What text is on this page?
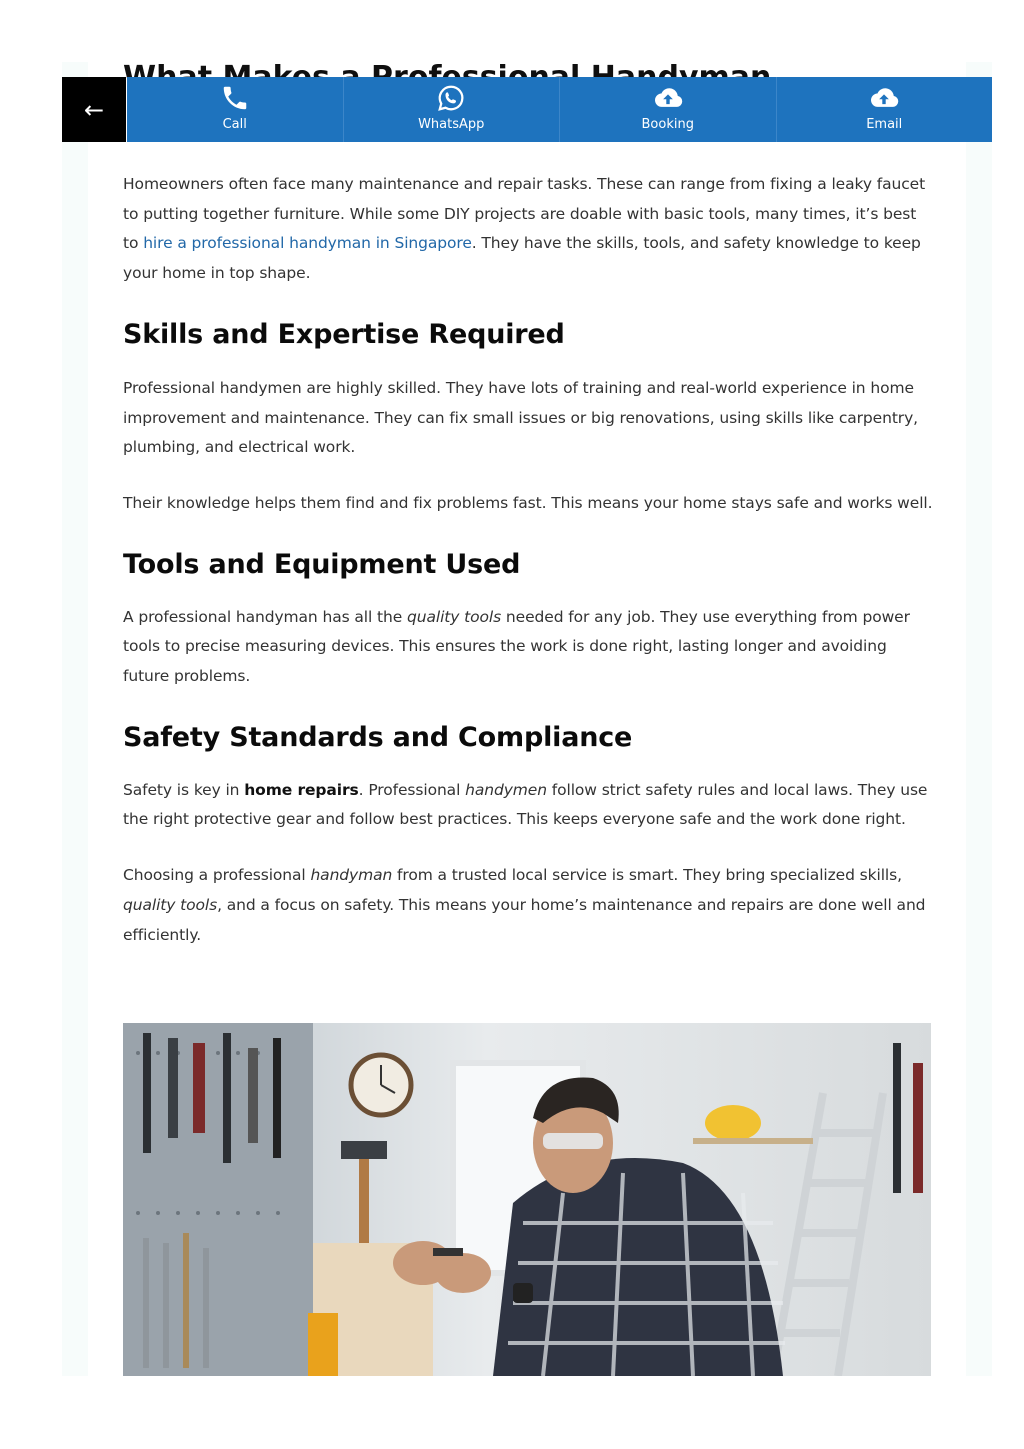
Homeowners often face many maintenance and repair tasks. These can range from fixing a leaky faucet to putting together furniture. While some DIY projects are doable with basic tools, many times, it’s best to hire a professional handyman in Singapore. They have the skills, tools, and safety knowledge to keep your home in top shape.

Skills and Expertise Required

Professional handymen are highly skilled. They have lots of training and real-world experience in home improvement and maintenance. They can fix small issues or big renovations, using skills like carpentry, plumbing, and electrical work.

Their knowledge helps them find and fix problems fast. This means your home stays safe and works well.

Tools and Equipment Used

A professional handyman has all the quality tools needed for any job. They use everything from power tools to precise measuring devices. This ensures the work is done right, lasting longer and avoiding future problems.

Safety Standards and Compliance

Safety is key in home repairs. Professional handymen follow strict safety rules and local laws. They use the right protective gear and follow best practices. This keeps everyone safe and the work done right.

Choosing a professional handyman from a trusted local service is smart. They bring specialized skills, quality tools, and a focus on safety. This means your home’s maintenance and repairs are done well and efficiently.

←
Call	WhatsApp	Booking	Email
